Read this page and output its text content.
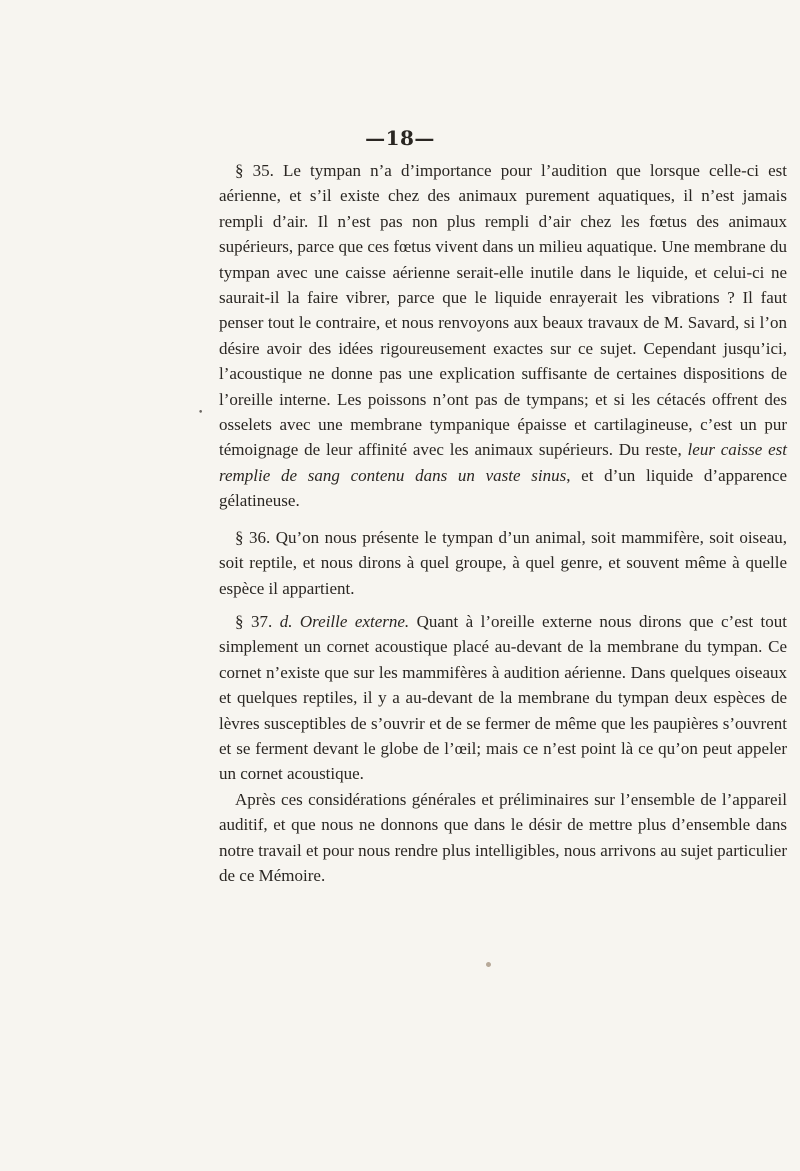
—18—
•

§ 35. Le tympan n’a d’importance pour l’audition que lorsque celle-ci est aérienne, et s’il existe chez des animaux purement aquatiques, il n’est jamais rempli d’air. Il n’est pas non plus rempli d’air chez les fœtus des animaux supérieurs, parce que ces fœtus vivent dans un milieu aquatique. Une membrane du tympan avec une caisse aérienne serait-elle inutile dans le liquide, et celui-ci ne saurait-il la faire vibrer, parce que le liquide enrayerait les vibrations ? Il faut penser tout le contraire, et nous renvoyons aux beaux travaux de M. Savard, si l’on désire avoir des idées rigoureusement exactes sur ce sujet. Cependant jusqu’ici, l’acoustique ne donne pas une explication suffisante de certaines dispositions de l’oreille interne. Les poissons n’ont pas de tympans; et si les cétacés offrent des osselets avec une membrane tympanique épaisse et cartilagineuse, c’est un pur témoignage de leur affinité avec les animaux supérieurs. Du reste, leur caisse est remplie de sang contenu dans un vaste sinus, et d’un liquide d’apparence gélatineuse.

§ 36. Qu’on nous présente le tympan d’un animal, soit mammifère, soit oiseau, soit reptile, et nous dirons à quel groupe, à quel genre, et souvent même à quelle espèce il appartient.

§ 37. d. Oreille externe. Quant à l’oreille externe nous dirons que c’est tout simplement un cornet acoustique placé au-devant de la membrane du tympan. Ce cornet n’existe que sur les mammifères à audition aérienne. Dans quelques oiseaux et quelques reptiles, il y a au-devant de la membrane du tympan deux espèces de lèvres susceptibles de s’ouvrir et de se fermer de même que les paupières s’ouvrent et se ferment devant le globe de l’œil; mais ce n’est point là ce qu’on peut appeler un cornet acoustique.

Après ces considérations générales et préliminaires sur l’ensemble de l’appareil auditif, et que nous ne donnons que dans le désir de mettre plus d’ensemble dans notre travail et pour nous rendre plus intelligibles, nous arrivons au sujet particulier de ce Mémoire.
